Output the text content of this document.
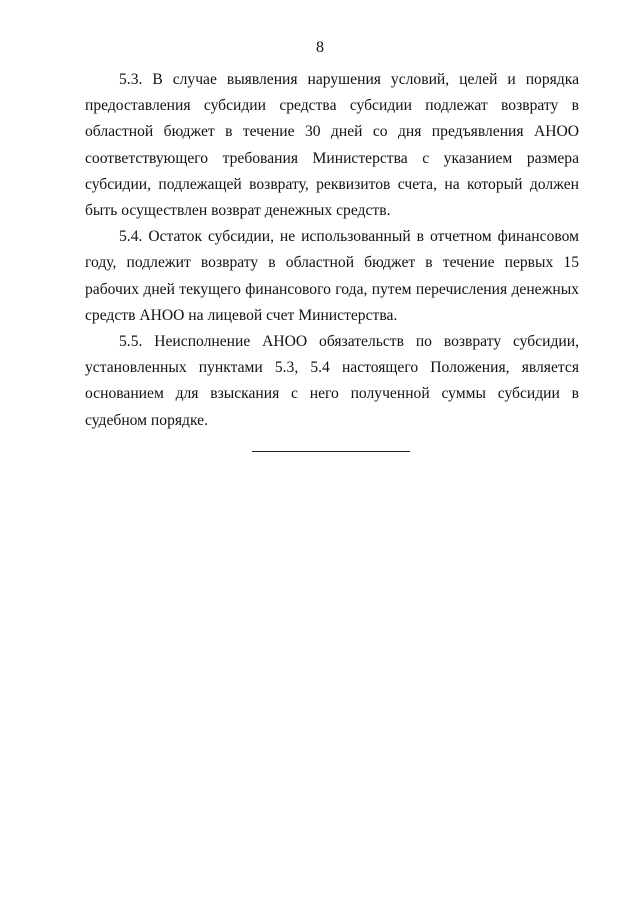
8

5.3. В случае выявления нарушения условий, целей и порядка предоставления субсидии средства субсидии подлежат возврату в областной бюджет в течение 30 дней со дня предъявления АНОО соответствующего требования Министерства с указанием размера субсидии, подлежащей возврату, реквизитов счета, на который должен быть осуществлен возврат денежных средств.

5.4. Остаток субсидии, не использованный в отчетном финансовом году, подлежит возврату в областной бюджет в течение первых 15 рабочих дней текущего финансового года, путем перечисления денежных средств АНОО на лицевой счет Министерства.

5.5. Неисполнение АНОО обязательств по возврату субсидии, установленных пунктами 5.3, 5.4 настоящего Положения, является основанием для взыскания с него полученной суммы субсидии в судебном порядке.
